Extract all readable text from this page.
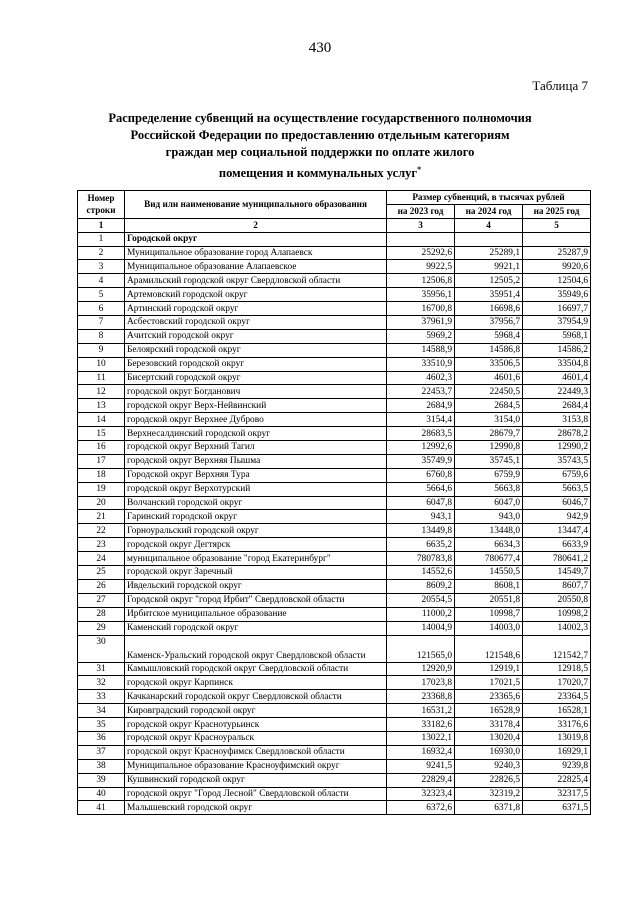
430
Таблица 7
Распределение субвенций на осуществление государственного полномочия
Российской Федерации по предоставлению отдельным категориям
граждан мер социальной поддержки по оплате жилого
помещения и коммунальных услуг*
Номер строки	Вид или наименование муниципального образования	Размер субвенций, в тысячах рублей		
		на 2023 год	на 2024 год	на 2025 год
1	2	3	4	5
1	Городской округ			
2	Муниципальное образование город Алапаевск	25292,6	25289,1	25287,9
3	Муниципальное образование Алапаевское	9922,5	9921,1	9920,6
4	Арамильский городской округ Свердловской области	12506,8	12505,2	12504,6
5	Артемовский городской округ	35956,1	35951,4	35949,6
6	Артинский городской округ	16700,8	16698,6	16697,7
7	Асбестовский городской округ	37961,9	37956,7	37954,9
8	Ачитский городской округ	5969,2	5968,4	5968,1
9	Белоярский городской округ	14588,9	14586,8	14586,2
10	Березовский городской округ	33510,9	33506,5	33504,8
11	Бисертский городской округ	4602,3	4601,6	4601,4
12	городской округ Богданович	22453,7	22450,5	22449,3
13	городской округ Верх-Нейвинский	2684,9	2684,5	2684,4
14	городской округ Верхнее Дуброво	3154,4	3154,0	3153,8
15	Верхнесалдинский городской округ	28683,5	28679,7	28678,2
16	городской округ Верхний Тагил	12992,6	12990,8	12990,2
17	городской округ Верхняя Пышма	35749,9	35745,1	35743,5
18	Городской округ Верхняя Тура	6760,8	6759,9	6759,6
19	городской округ Верхотурский	5664,6	5663,8	5663,5
20	Волчанский городской округ	6047,8	6047,0	6046,7
21	Гаринский городской округ	943,1	943,0	942,9
22	Горноуральский городской округ	13449,8	13448,0	13447,4
23	городской округ Дегтярск	6635,2	6634,3	6633,9
24	муниципальное образование "город Екатеринбург"	780783,8	780677,4	780641,2
25	городской округ Заречный	14552,6	14550,5	14549,7
26	Ивдельский городской округ	8609,2	8608,1	8607,7
27	Городской округ "город Ирбит" Свердловской области	20554,5	20551,8	20550,8
28	Ирбитское муниципальное образование	11000,2	10998,7	10998,2
29	Каменский городской округ	14004,9	14003,0	14002,3
30	Каменск-Уральский городской округ Свердловской области	121565,0	121548,6	121542,7
31	Камышловский городской округ Свердловской области	12920,9	12919,1	12918,5
32	городской округ Карпинск	17023,8	17021,5	17020,7
33	Качканарский городской округ Свердловской области	23368,8	23365,6	23364,5
34	Кировградский городской округ	16531,2	16528,9	16528,1
35	городской округ Краснотурьинск	33182,6	33178,4	33176,6
36	городской округ Красноуральск	13022,1	13020,4	13019,8
37	городской округ Красноуфимск Свердловской области	16932,4	16930,0	16929,1
38	Муниципальное образование Красноуфимский округ	9241,5	9240,3	9239,8
39	Кушвинский городской округ	22829,4	22826,5	22825,4
40	городской округ "Город Лесной" Свердловской области	32323,4	32319,2	32317,5
41	Малышевский городской округ	6372,6	6371,8	6371,5
